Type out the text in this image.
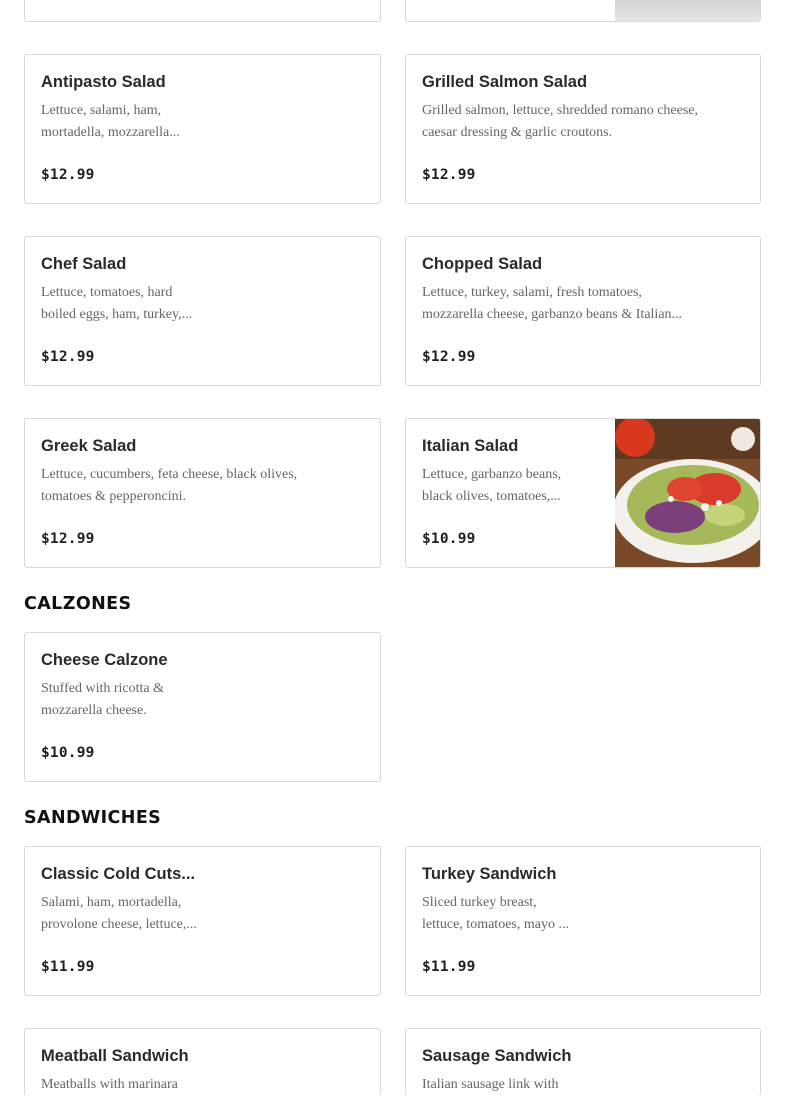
Antipasto Salad
Lettuce, salami, ham,
mortadella, mozzarella...
$12.99
Grilled Salmon Salad
Grilled salmon, lettuce, shredded romano cheese,
caesar dressing & garlic croutons.
$12.99
Chef Salad
Lettuce, tomatoes, hard
boiled eggs, ham, turkey,...
$12.99
Chopped Salad
Lettuce, turkey, salami, fresh tomatoes,
mozzarella cheese, garbanzo beans & Italian...
$12.99
Greek Salad
Lettuce, cucumbers, feta cheese, black olives,
tomatoes & pepperoncini.
$12.99
Italian Salad
Lettuce, garbanzo beans,
black olives, tomatoes,...
$10.99
CALZONES
Cheese Calzone
Stuffed with ricotta &
mozzarella cheese.
$10.99
SANDWICHES
Classic Cold Cuts...
Salami, ham, mortadella,
provolone cheese, lettuce,...
$11.99
Turkey Sandwich
Sliced turkey breast,
lettuce, tomatoes, mayo ...
$11.99
Meatball Sandwich
Meatballs with marinara
Sausage Sandwich
Italian sausage link with
